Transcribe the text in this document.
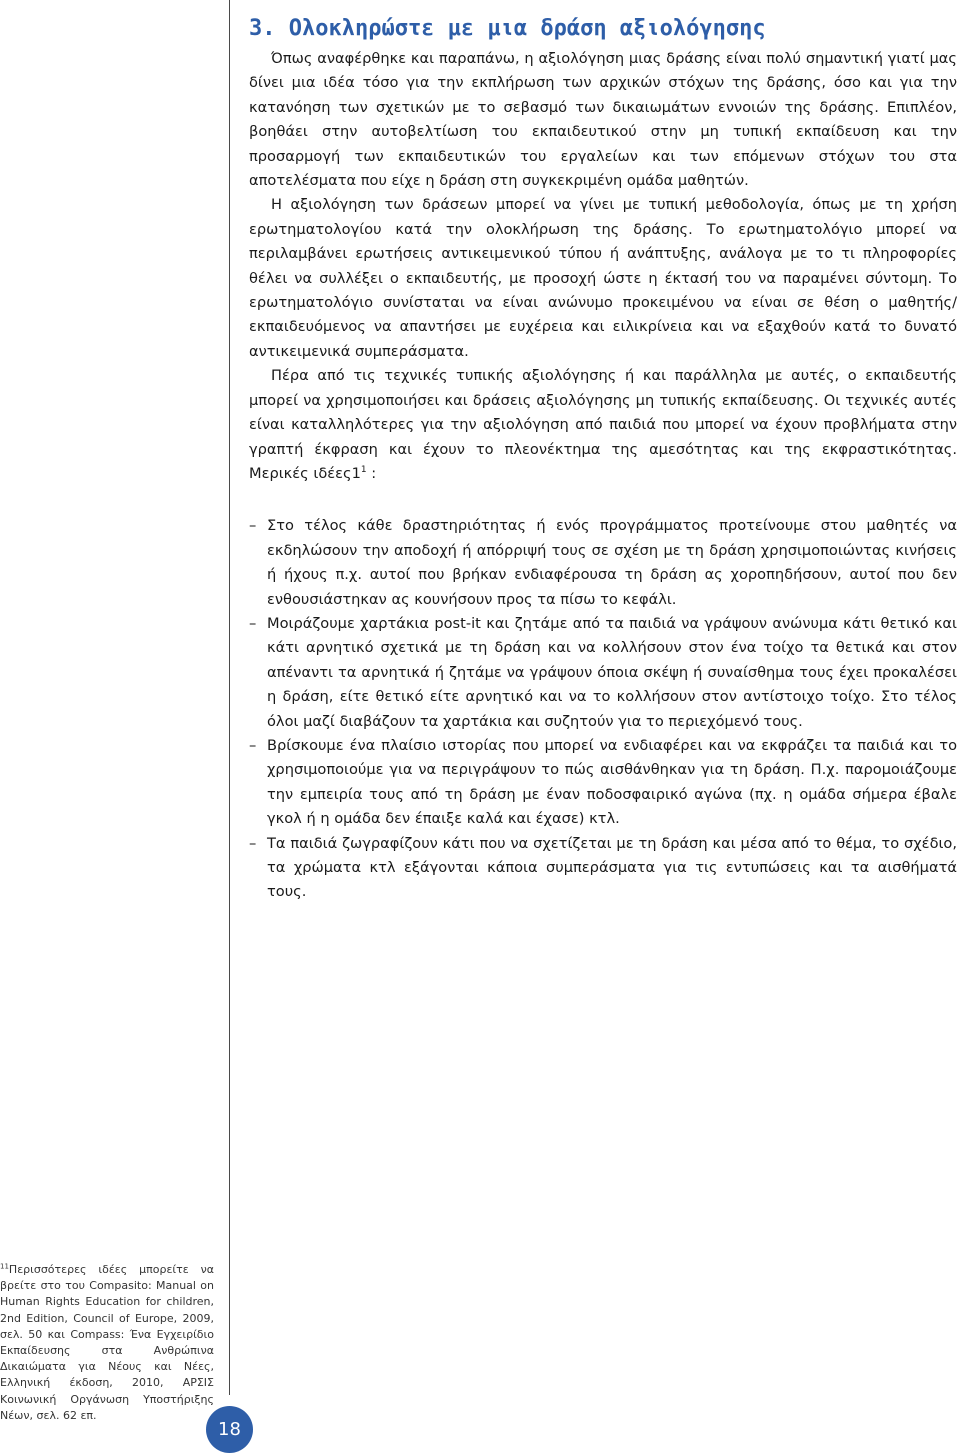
3. Ολοκληρώστε με μια δράση αξιολόγησης

Όπως αναφέρθηκε και παραπάνω, η αξιολόγηση μιας δράσης είναι πολύ σημαντική γιατί μας δίνει μια ιδέα τόσο για την εκπλήρωση των αρχικών στόχων της δράσης, όσο και για την κατανόηση των σχετικών με το σεβασμό των δικαιωμάτων εννοιών της δράσης. Επιπλέον, βοηθάει στην αυτοβελτίωση του εκπαιδευτικού στην μη τυπική εκπαίδευση και την προσαρμογή των εκπαιδευτικών του εργαλείων και των επόμενων στόχων του στα αποτελέσματα που είχε η δράση στη συγκεκριμένη ομάδα μαθητών.

Η αξιολόγηση των δράσεων μπορεί να γίνει με τυπική μεθοδολογία, όπως με τη χρήση ερωτηματολογίου κατά την ολοκλήρωση της δράσης. Το ερωτηματολόγιο μπορεί να περιλαμβάνει ερωτήσεις αντικειμενικού τύπου ή ανάπτυξης, ανάλογα με το τι πληροφορίες θέλει να συλλέξει ο εκπαιδευτής, με προσοχή ώστε η έκτασή του να παραμένει σύντομη. Το ερωτηματολόγιο συνίσταται να είναι ανώνυμο προκειμένου να είναι σε θέση ο μαθητής/εκπαιδευόμενος να απαντήσει με ευχέρεια και ειλικρίνεια και να εξαχθούν κατά το δυνατό αντικειμενικά συμπεράσματα.

Πέρα από τις τεχνικές τυπικής αξιολόγησης ή και παράλληλα με αυτές, ο εκπαιδευτής μπορεί να χρησιμοποιήσει και δράσεις αξιολόγησης μη τυπικής εκπαίδευσης. Οι τεχνικές αυτές είναι καταλληλότερες για την αξιολόγηση από παιδιά που μπορεί να έχουν προβλήματα στην γραπτή έκφραση και έχουν το πλεονέκτημα της αμεσότητας και της εκφραστικότητας. Μερικές $\iota\delta έ\varepsilon\varsigma 1^1$ :

– Στο τέλος κάθε δραστηριότητας ή ενός προγράμματος προτείνουμε στου μαθητές να εκδηλώσουν την αποδοχή ή απόρριψή τους σε σχέση με τη δράση χρησιμοποιώντας κινήσεις ή ήχους π.χ. αυτοί που βρήκαν ενδιαφέρουσα τη δράση ας χοροπηδήσουν, αυτοί που δεν ενθουσιάστηκαν ας κουνήσουν προς τα πίσω το κεφάλι.
– Μοιράζουμε χαρτάκια post-it και ζητάμε από τα παιδιά να γράψουν ανώνυμα κάτι θετικό και κάτι αρνητικό σχετικά με τη δράση και να κολλήσουν στον ένα τοίχο τα θετικά και στον απέναντι τα αρνητικά ή ζητάμε να γράψουν όποια σκέψη ή συναίσθημα τους έχει προκαλέσει η δράση, είτε θετικό είτε αρνητικό και να το κολλήσουν στον αντίστοιχο τοίχο. Στο τέλος όλοι μαζί διαβάζουν τα χαρτάκια και συζητούν για το περιεχόμενό τους.
– Βρίσκουμε ένα πλαίσιο ιστορίας που μπορεί να ενδιαφέρει και να εκφράζει τα παιδιά και το χρησιμοποιούμε για να περιγράψουν το πώς αισθάνθηκαν για τη δράση. Π.χ. παρομοιάζουμε την εμπειρία τους από τη δράση με έναν ποδοσφαιρικό αγώνα (πχ. η ομάδα σήμερα έβαλε γκολ ή η ομάδα δεν έπαιξε καλά και έχασε) κτλ.
– Τα παιδιά ζωγραφίζουν κάτι που να σχετίζεται με τη δράση και μέσα από το θέμα, το σχέδιο, τα χρώματα κτλ εξάγονται κάποια συμπεράσματα για τις εντυπώσεις και τα αισθήματά τους.
$^{11}$Περισσότερες ιδέες μπορείτε να βρείτε στο του Compasito: Manual on Human Rights Education for children, 2nd Edition, Council of Europe, 2009, σελ. 50 και Compass: Ένα Εγχειρίδιο Εκπαίδευσης στα Ανθρώπινα Δικαιώματα για Νέους και Νέες, Ελληνική έκδοση, 2010, ΑΡΣΙΣ Κοινωνική Οργάνωση Υποστήριξης Νέων, σελ. 62 επ.
18
